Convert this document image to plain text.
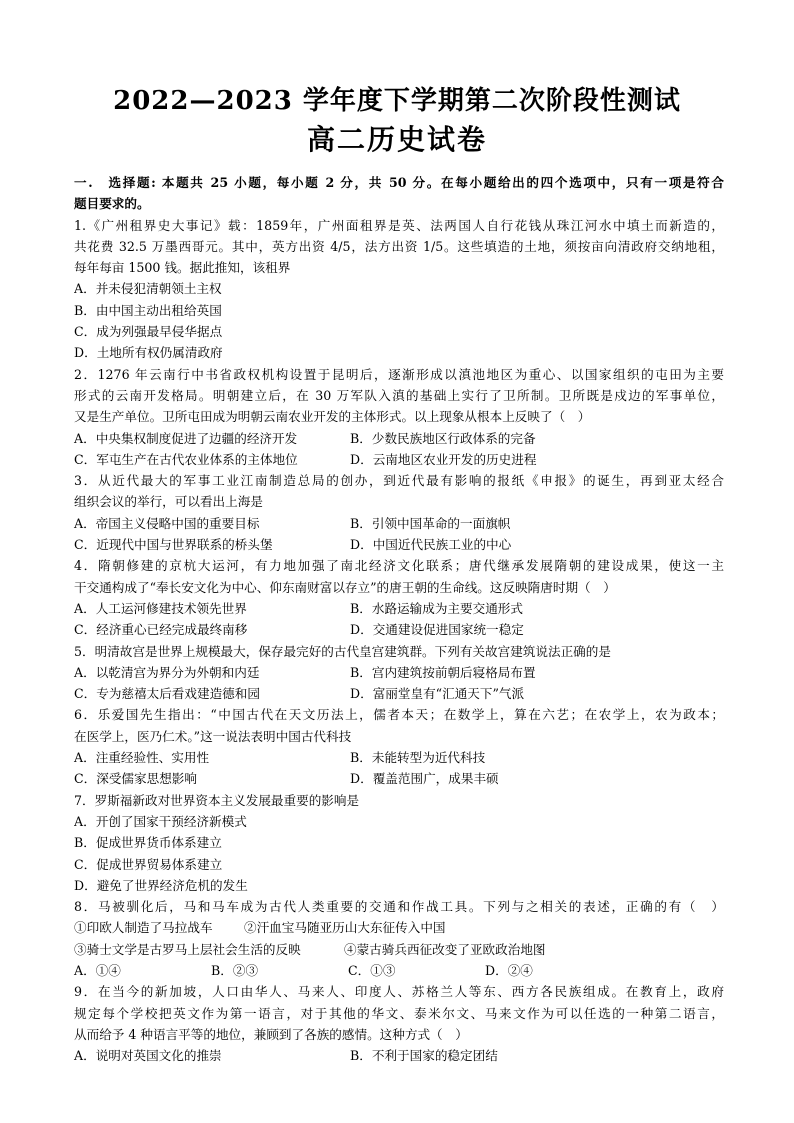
2022—2023 学年度下学期第二次阶段性测试
高二历史试卷
一.　选择题: 本题共 25 小题，每小题 2 分，共 50 分。在每小题给出的四个选项中，只有一项是符合
题目要求的。
1.《广州租界史大事记》载：1859年，广州面租界是英、法两国人自行花钱从珠江河水中填土而新造的，
共花费 32.5 万墨西哥元。其中，英方出资 4/5，法方出资 1/5。这些填造的土地，须按亩向清政府交纳地租，
每年每亩 1500 钱。据此推知，该租界
A．并未侵犯清朝领土主权
B．由中国主动出租给英国
C．成为列强最早侵华据点
D．土地所有权仍属清政府
2．1276 年云南行中书省政权机构设置于昆明后，逐渐形成以滇池地区为重心、以国家组织的屯田为主要
形式的云南开发格局。明朝建立后，在 30 万军队入滇的基础上实行了卫所制。卫所既是戍边的军事单位，
又是生产单位。卫所屯田成为明朝云南农业开发的主体形式。以上现象从根本上反映了（　）
A．中央集权制度促进了边疆的经济开发	B．少数民族地区行政体系的完备
C．军屯生产在古代农业体系的主体地位	D．云南地区农业开发的历史进程
3．从近代最大的军事工业江南制造总局的创办，到近代最有影响的报纸《申报》的诞生，再到亚太经合
组织会议的举行，可以看出上海是
A．帝国主义侵略中国的重要目标	B．引领中国革命的一面旗帜
C．近现代中国与世界联系的桥头堡	D．中国近代民族工业的中心
4．隋朝修建的京杭大运河，有力地加强了南北经济文化联系；唐代继承发展隋朝的建设成果，使这一主
干交通构成了“奉长安文化为中心、仰东南财富以存立”的唐王朝的生命线。这反映隋唐时期（　）
A．人工运河修建技术领先世界	B．水路运输成为主要交通形式
C．经济重心已经完成最终南移	D．交通建设促进国家统一稳定
5．明清故宫是世界上规模最大，保存最完好的古代皇宫建筑群。下列有关故宫建筑说法正确的是
A．以乾清宫为界分为外朝和内廷	B．宫内建筑按前朝后寝格局布置
C．专为慈禧太后看戏建造德和园	D．富丽堂皇有“汇通天下”气派
6．乐爱国先生指出：“中国古代在天文历法上，儒者本天；在数学上，算在六艺；在农学上，农为政本；
在医学上，医乃仁术。”这一说法表明中国古代科技
A．注重经验性、实用性	B．未能转型为近代科技
C．深受儒家思想影响	D．覆盖范围广，成果丰硕
7．罗斯福新政对世界资本主义发展最重要的影响是
A．开创了国家干预经济新模式
B．促成世界货币体系建立
C．促成世界贸易体系建立
D．避免了世界经济危机的发生
8．马被驯化后，马和马车成为古代人类重要的交通和作战工具。下列与之相关的表述，正确的有（　）
①印欧人制造了马拉战车	②汗血宝马随亚历山大东征传入中国
③骑士文学是古罗马上层社会生活的反映	④蒙古骑兵西征改变了亚欧政治地图
A．①④	B．②③	C．①③	D．②④
9．在当今的新加坡，人口由华人、马来人、印度人、苏格兰人等东、西方各民族组成。在教育上，政府
规定每个学校把英文作为第一语言，对于其他的华文、泰米尔文、马来文作为可以任选的一种第二语言，
从而给予 4 种语言平等的地位，兼顾到了各族的感情。这种方式（　）
A．说明对英国文化的推崇	B．不利于国家的稳定团结
